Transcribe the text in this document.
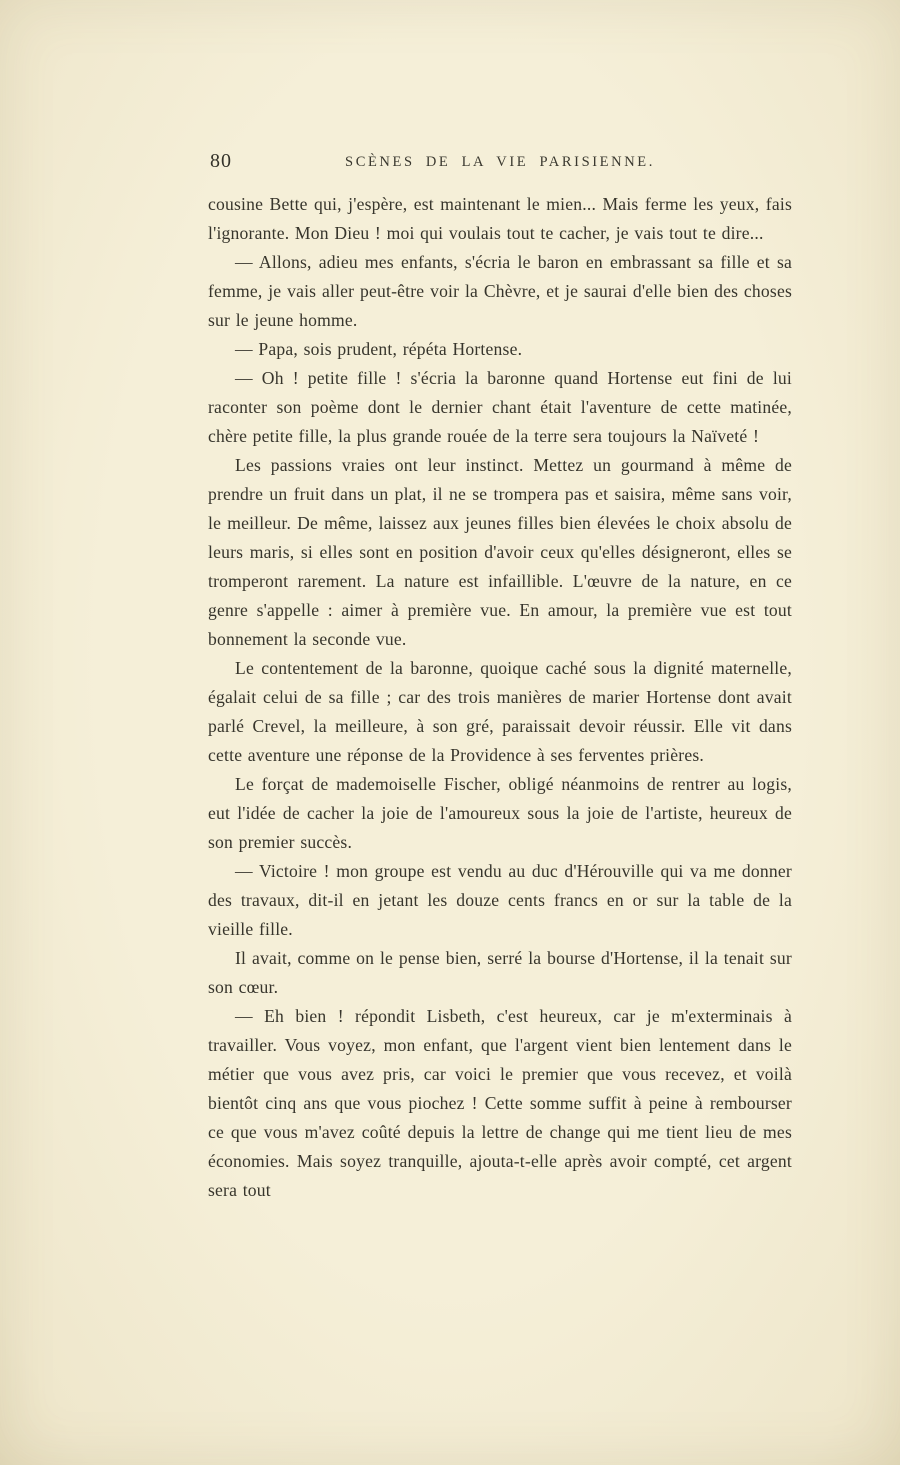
80	SCÈNES DE LA VIE PARISIENNE.

cousine Bette qui, j'espère, est maintenant le mien... Mais ferme les yeux, fais l'ignorante. Mon Dieu ! moi qui voulais tout te cacher, je vais tout te dire...

— Allons, adieu mes enfants, s'écria le baron en embrassant sa fille et sa femme, je vais aller peut-être voir la Chèvre, et je saurai d'elle bien des choses sur le jeune homme.

— Papa, sois prudent, répéta Hortense.

— Oh ! petite fille ! s'écria la baronne quand Hortense eut fini de lui raconter son poème dont le dernier chant était l'aventure de cette matinée, chère petite fille, la plus grande rouée de la terre sera toujours la Naïveté !

Les passions vraies ont leur instinct. Mettez un gourmand à même de prendre un fruit dans un plat, il ne se trompera pas et saisira, même sans voir, le meilleur. De même, laissez aux jeunes filles bien élevées le choix absolu de leurs maris, si elles sont en position d'avoir ceux qu'elles désigneront, elles se tromperont rarement. La nature est infaillible. L'œuvre de la nature, en ce genre s'appelle : aimer à première vue. En amour, la première vue est tout bonnement la seconde vue.

Le contentement de la baronne, quoique caché sous la dignité maternelle, égalait celui de sa fille ; car des trois manières de marier Hortense dont avait parlé Crevel, la meilleure, à son gré, paraissait devoir réussir. Elle vit dans cette aventure une réponse de la Providence à ses ferventes prières.

Le forçat de mademoiselle Fischer, obligé néanmoins de rentrer au logis, eut l'idée de cacher la joie de l'amoureux sous la joie de l'artiste, heureux de son premier succès.

— Victoire ! mon groupe est vendu au duc d'Hérouville qui va me donner des travaux, dit-il en jetant les douze cents francs en or sur la table de la vieille fille.

Il avait, comme on le pense bien, serré la bourse d'Hortense, il la tenait sur son cœur.

— Eh bien ! répondit Lisbeth, c'est heureux, car je m'exterminais à travailler. Vous voyez, mon enfant, que l'argent vient bien lentement dans le métier que vous avez pris, car voici le premier que vous recevez, et voilà bientôt cinq ans que vous piochez ! Cette somme suffit à peine à rembourser ce que vous m'avez coûté depuis la lettre de change qui me tient lieu de mes économies. Mais soyez tranquille, ajouta-t-elle après avoir compté, cet argent sera tout
